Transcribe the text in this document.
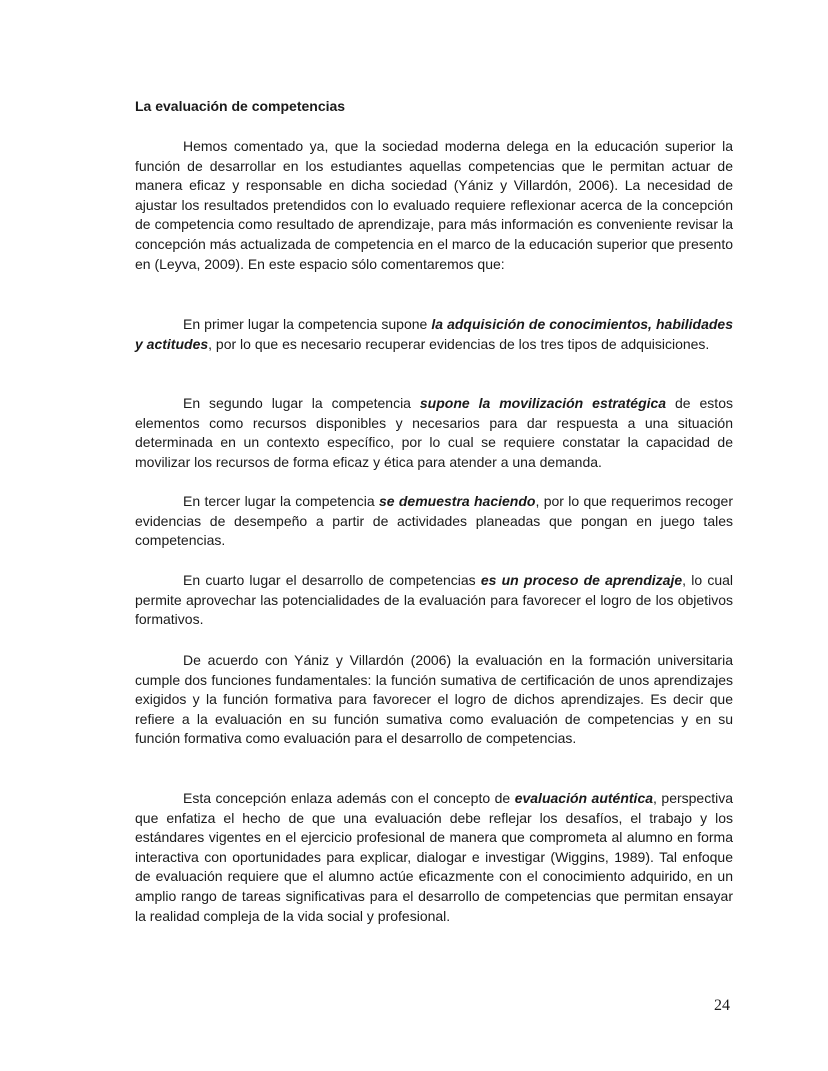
La evaluación de competencias

Hemos comentado ya, que la sociedad moderna delega en la educación superior la función de desarrollar en los estudiantes aquellas competencias que le permitan actuar de manera eficaz y responsable en dicha sociedad (Yániz y Villardón, 2006). La necesidad de ajustar los resultados pretendidos con lo evaluado requiere reflexionar acerca de la concepción de competencia como resultado de aprendizaje, para más información es conveniente revisar la concepción más actualizada de competencia en el marco de la educación superior que presento en (Leyva, 2009). En este espacio sólo comentaremos que:

En primer lugar la competencia supone la adquisición de conocimientos, habilidades y actitudes, por lo que es necesario recuperar evidencias de los tres tipos de adquisiciones.

En segundo lugar la competencia supone la movilización estratégica de estos elementos como recursos disponibles y necesarios para dar respuesta a una situación determinada en un contexto específico, por lo cual se requiere constatar la capacidad de movilizar los recursos de forma eficaz y ética para atender a una demanda.

En tercer lugar la competencia se demuestra haciendo, por lo que requerimos recoger evidencias de desempeño a partir de actividades planeadas que pongan en juego tales competencias.

En cuarto lugar el desarrollo de competencias es un proceso de aprendizaje, lo cual permite aprovechar las potencialidades de la evaluación para favorecer el logro de los objetivos formativos.

De acuerdo con Yániz y Villardón (2006) la evaluación en la formación universitaria cumple dos funciones fundamentales: la función sumativa de certificación de unos aprendizajes exigidos y la función formativa para favorecer el logro de dichos aprendizajes. Es decir que refiere a la evaluación en su función sumativa como evaluación de competencias y en su función formativa como evaluación para el desarrollo de competencias.

Esta concepción enlaza además con el concepto de evaluación auténtica, perspectiva que enfatiza el hecho de que una evaluación debe reflejar los desafíos, el trabajo y los estándares vigentes en el ejercicio profesional de manera que comprometa al alumno en forma interactiva con oportunidades para explicar, dialogar e investigar (Wiggins, 1989). Tal enfoque de evaluación requiere que el alumno actúe eficazmente con el conocimiento adquirido, en un amplio rango de tareas significativas para el desarrollo de competencias que permitan ensayar la realidad compleja de la vida social y profesional.

24
